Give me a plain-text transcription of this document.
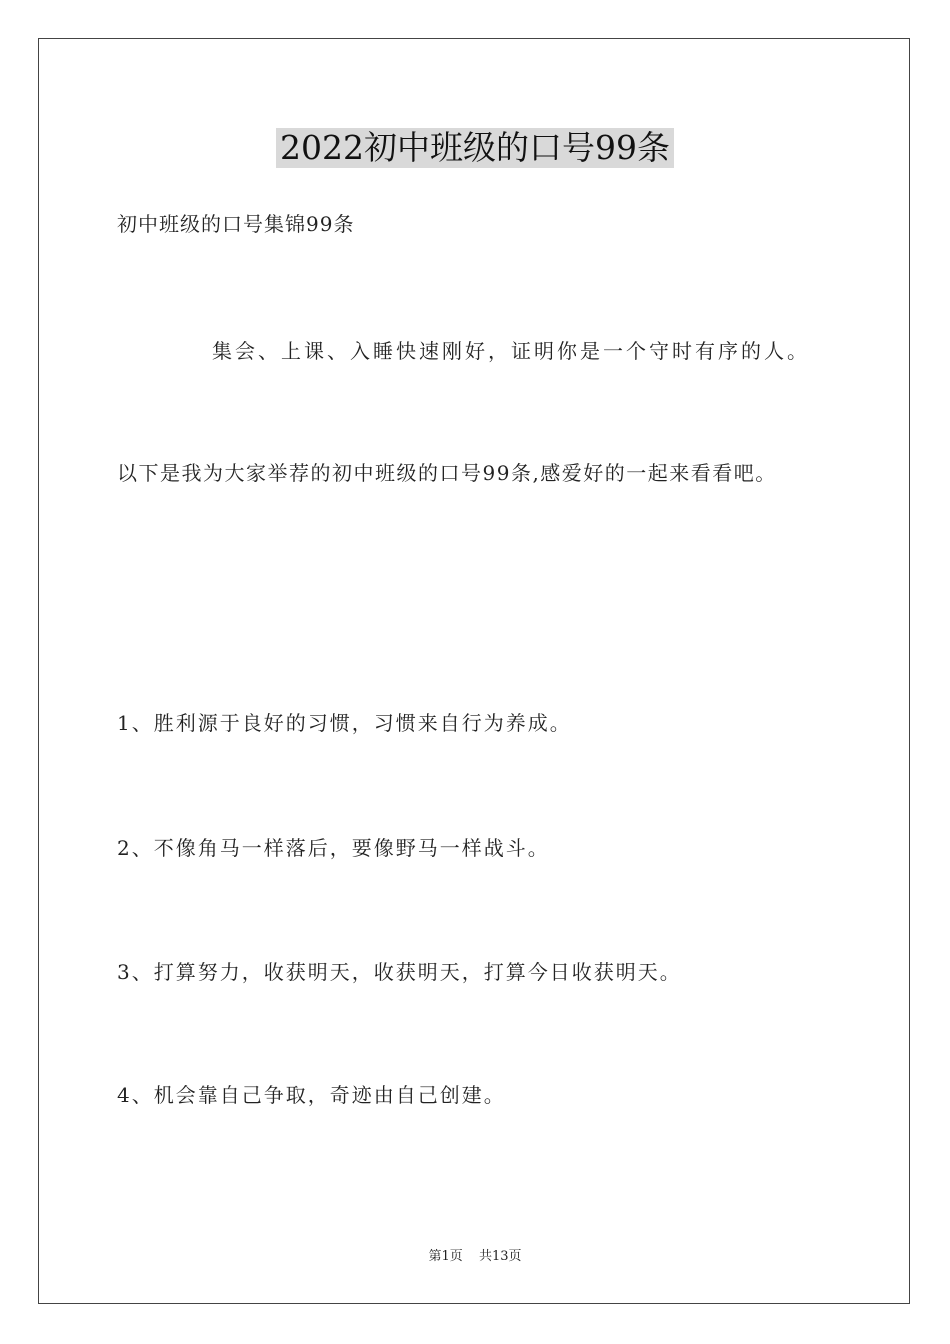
2022初中班级的口号99条
初中班级的口号集锦99条
集会、上课、入睡快速刚好，证明你是一个守时有序的人。
以下是我为大家举荐的初中班级的口号99条,感爱好的一起来看看吧。
1、胜利源于良好的习惯，习惯来自行为养成。
2、不像角马一样落后，要像野马一样战斗。
3、打算努力，收获明天，收获明天，打算今日收获明天。
4、机会靠自己争取，奇迹由自己创建。
第1页 共13页
